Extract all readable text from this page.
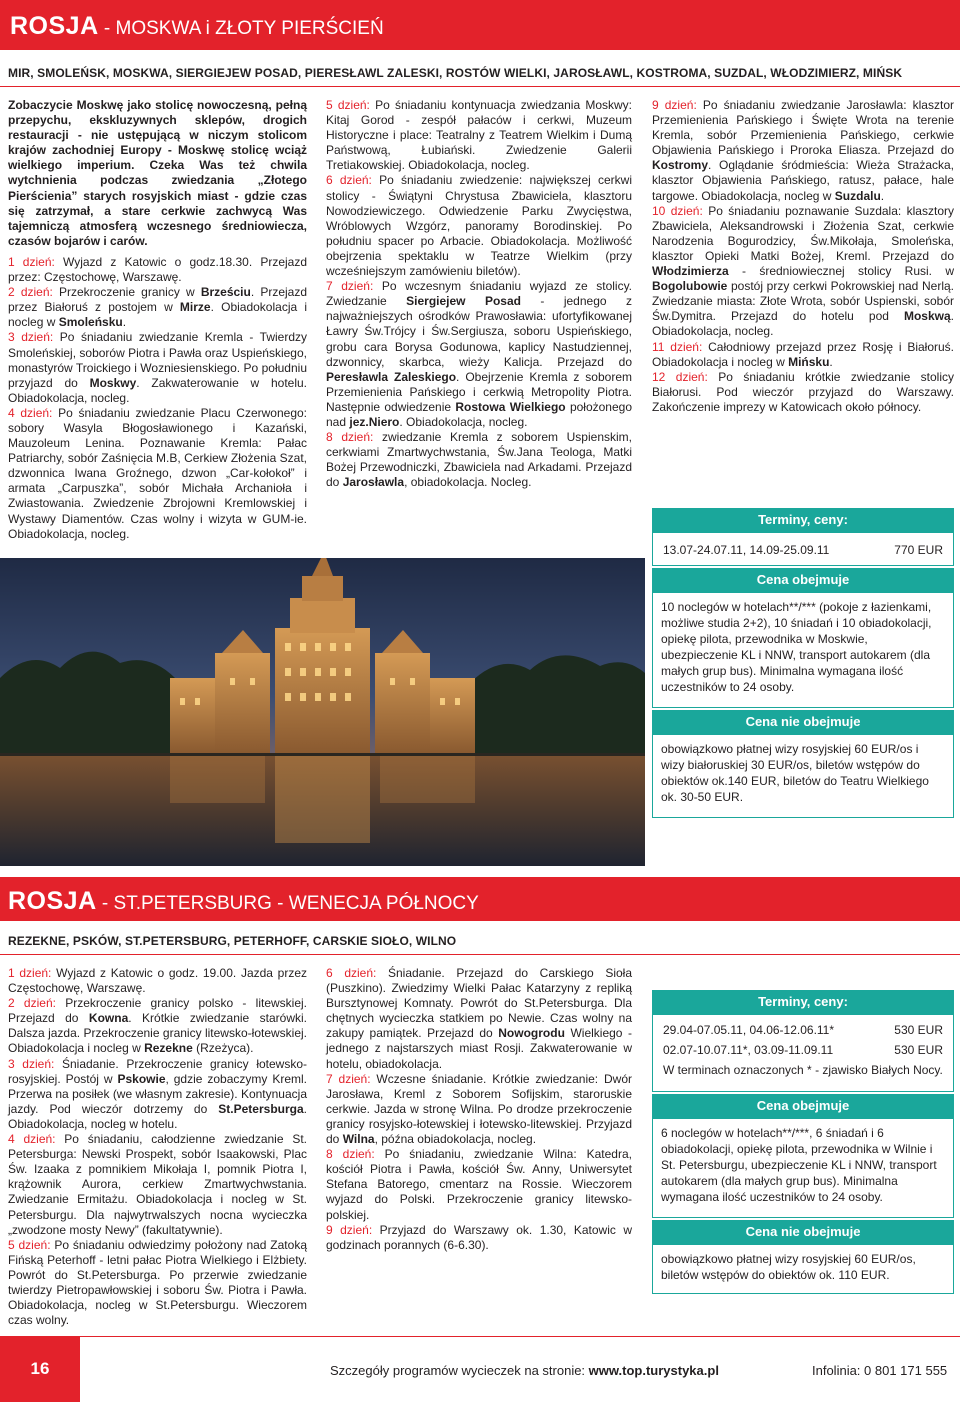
ROSJA - MOSKWA i ZŁOTY PIERŚCIEŃ
MIR, SMOLEŃSK, MOSKWA, SIERGIEJEW POSAD, PIERESŁAWL ZALESKI, ROSTÓW WIELKI, JAROSŁAWL, KOSTROMA, SUZDAL, WŁODZIMIERZ, MIŃSK

Zobaczycie Moskwę jako stolicę nowoczesną, pełną przepychu, ekskluzywnych sklepów, drogich restauracji - nie ustępującą w niczym stolicom krajów zachodniej Europy - Moskwę stolicę wciąż wielkiego imperium. Czeka Was też chwila wytchnienia podczas zwiedzania „Złotego Pierścienia” starych rosyjskich miast - gdzie czas się zatrzymał, a stare cerkwie zachwycą Was tajemniczą atmosferą wczesnego średniowiecza, czasów bojarów i carów.

1 dzień: Wyjazd z Katowic o godz.18.30. Przejazd przez: Częstochowę, Warszawę.

2 dzień: Przekroczenie granicy w Brześciu. Przejazd przez Białoruś z postojem w Mirze. Obiadokolacja i nocleg w Smoleńsku.

3 dzień: Po śniadaniu zwiedzanie Kremla - Twierdzy Smoleńskiej, soborów Piotra i Pawła oraz Uspieńskiego, monastyrów Troickiego i Wozniesienskiego. Po południu przyjazd do Moskwy. Zakwaterowanie w hotelu. Obiadokolacja, nocleg.

4 dzień: Po śniadaniu zwiedzanie Placu Czerwonego: sobory Wasyla Błogosławionego i Kazański, Mauzoleum Lenina. Poznawanie Kremla: Pałac Patriarchy, sobór Zaśnięcia M.B, Cerkiew Złożenia Szat, dzwonnica Iwana Groźnego, dzwon „Car-kołokoł” i armata „Carpuszka”, sobór Michała Archanioła i Zwiastowania. Zwiedzenie Zbrojowni Kremlowskiej i Wystawy Diamentów. Czas wolny i wizyta w GUM-ie. Obiadokolacja, nocleg.

5 dzień: Po śniadaniu kontynuacja zwiedzania Moskwy: Kitaj Gorod - zespół pałaców i cerkwi, Muzeum Historyczne i place: Teatralny z Teatrem Wielkim i Dumą Państwową, Łubiański. Zwiedzenie Galerii Tretiakowskiej. Obiadokolacja, nocleg.

6 dzień: Po śniadaniu zwiedzenie: największej cerkwi stolicy - Świątyni Chrystusa Zbawiciela, klasztoru Nowodziewiczego. Odwiedzenie Parku Zwycięstwa, Wróblowych Wzgórz, panoramy Borodinskiej. Po południu spacer po Arbacie. Obiadokolacja. Możliwość obejrzenia spektaklu w Teatrze Wielkim (przy wcześniejszym zamówieniu biletów).

7 dzień: Po wczesnym śniadaniu wyjazd ze stolicy. Zwiedzanie Siergiejew Posad - jednego z najważniejszych ośrodków Prawosławia: ufortyfikowanej Ławry Św.Trójcy i Św.Sergiusza, soboru Uspieńskiego, grobu cara Borysa Godunowa, kaplicy Nastudziennej, dzwonnicy, skarbca, wieży Kalicja. Przejazd do Peresławla Zaleskiego. Obejrzenie Kremla z soborem Przemienienia Pańskiego i cerkwią Metropolity Piotra. Następnie odwiedzenie Rostowa Wielkiego położonego nad jez.Niero. Obiadokolacja, nocleg.

8 dzień: zwiedzanie Kremla z soborem Uspienskim, cerkwiami Zmartwychwstania, Św.Jana Teologa, Matki Bożej Przewodniczki, Zbawiciela nad Arkadami. Przejazd do Jarosławla, obiadokolacja. Nocleg.

9 dzień: Po śniadaniu zwiedzanie Jarosławla: klasztor Przemienienia Pańskiego i Święte Wrota na terenie Kremla, sobór Przemienienia Pańskiego, cerkwie Objawienia Pańskiego i Proroka Eliasza. Przejazd do Kostromy. Oglądanie śródmieścia: Wieża Strażacka, klasztor Objawienia Pańskiego, ratusz, pałace, hale targowe. Obiadokolacja, nocleg w Suzdalu.

10 dzień: Po śniadaniu poznawanie Suzdala: klasztory Zbawiciela, Aleksandrowski i Złożenia Szat, cerkwie Narodzenia Bogurodzicy, Św.Mikołaja, Smoleńska, klasztor Opieki Matki Bożej, Kreml. Przejazd do Włodzimierza - średniowiecznej stolicy Rusi. w Bogolubowie postój przy cerkwi Pokrowskiej nad Nerlą. Zwiedzanie miasta: Złote Wrota, sobór Uspienski, sobór Św.Dymitra. Przejazd do hotelu pod Moskwą. Obiadokolacja, nocleg.

11 dzień: Całodniowy przejazd przez Rosję i Białoruś. Obiadokolacja i nocleg w Mińsku.

12 dzień: Po śniadaniu krótkie zwiedzanie stolicy Białorusi. Pod wieczór przyjazd do Warszawy. Zakończenie imprezy w Katowicach około północy.

Terminy, ceny:
13.07-24.07.11, 14.09-25.09.11	770 EUR
Cena obejmuje
10 noclegów w hotelach**/*** (pokoje z łazienkami, możliwe studia 2+2), 10 śniadań i 10 obiadokolacji, opiekę pilota, przewodnika w Moskwie, ubezpieczenie KL i NNW, transport autokarem (dla małych grup bus). Minimalna wymagana ilość uczestników to 24 osoby.
Cena nie obejmuje
obowiązkowo płatnej wizy rosyjskiej 60 EUR/os i wizy białoruskiej 30 EUR/os, biletów wstępów do obiektów ok.140 EUR, biletów do Teatru Wielkiego ok. 30-50 EUR.
ROSJA - ST.PETERSBURG - WENECJA PÓŁNOCY
REZEKNE, PSKÓW, ST.PETERSBURG, PETERHOFF, CARSKIE SIOŁO, WILNO

1 dzień: Wyjazd z Katowic o godz. 19.00. Jazda przez Częstochowę, Warszawę.

2 dzień: Przekroczenie granicy polsko - litewskiej. Przejazd do Kowna. Krótkie zwiedzanie starówki. Dalsza jazda. Przekroczenie granicy litewsko-łotewskiej. Obiadokolacja i nocleg w Rezekne (Rzeżyca).

3 dzień: Śniadanie. Przekroczenie granicy łotewsko-rosyjskiej. Postój w Pskowie, gdzie zobaczymy Kreml. Przerwa na posiłek (we własnym zakresie). Kontynuacja jazdy. Pod wieczór dotrzemy do St.Petersburga. Obiadokolacja, nocleg w hotelu.

4 dzień: Po śniadaniu, całodzienne zwiedzanie St. Petersburga: Newski Prospekt, sobór Isaakowski, Plac Św. Izaaka z pomnikiem Mikołaja I, pomnik Piotra I, krążownik Aurora, cerkiew Zmartwychwstania. Zwiedzanie Ermitażu. Obiadokolacja i nocleg w St. Petersburgu. Dla najwytrwalszych nocna wycieczka „zwodzone mosty Newy” (fakultatywnie).

5 dzień: Po śniadaniu odwiedzimy położony nad Zatoką Fińską Peterhoff - letni pałac Piotra Wielkiego i Elżbiety. Powrót do St.Petersburga. Po przerwie zwiedzanie twierdzy Pietropawłowskiej i soboru Św. Piotra i Pawła. Obiadokolacja, nocleg w St.Petersburgu. Wieczorem czas wolny.

6 dzień: Śniadanie. Przejazd do Carskiego Sioła (Puszkino). Zwiedzimy Wielki Pałac Katarzyny z repliką Bursztynowej Komnaty. Powrót do St.Petersburga. Dla chętnych wycieczka statkiem po Newie. Czas wolny na zakupy pamiątek. Przejazd do Nowogrodu Wielkiego - jednego z najstarszych miast Rosji. Zakwaterowanie w hotelu, obiadokolacja.

7 dzień: Wczesne śniadanie. Krótkie zwiedzanie: Dwór Jarosława, Kreml z Soborem Sofijskim, staroruskie cerkwie. Jazda w stronę Wilna. Po drodze przekroczenie granicy rosyjsko-łotewskiej i łotewsko-litewskiej. Przyjazd do Wilna, późna obiadokolacja, nocleg.

8 dzień: Po śniadaniu, zwiedzanie Wilna: Katedra, kościół Piotra i Pawła, kościół Św. Anny, Uniwersytet Stefana Batorego, cmentarz na Rossie. Wieczorem wyjazd do Polski. Przekroczenie granicy litewsko-polskiej.

9 dzień: Przyjazd do Warszawy ok. 1.30, Katowic w godzinach porannych (6-6.30).

Terminy, ceny:
29.04-07.05.11, 04.06-12.06.11*	530 EUR
02.07-10.07.11*, 03.09-11.09.11	530 EUR
W terminach oznaczonych * - zjawisko Białych Nocy.
Cena obejmuje
6 noclegów w hotelach**/***, 6 śniadań i 6 obiadokolacji, opiekę pilota, przewodnika w Wilnie i St. Petersburgu, ubezpieczenie KL i NNW, transport autokarem (dla małych grup bus). Minimalna wymagana ilość uczestników to 24 osoby.
Cena nie obejmuje
obowiązkowo płatnej wizy rosyjskiej 60 EUR/os, biletów wstępów do obiektów ok. 110 EUR.
16	Szczegóły programów wycieczek na stronie: www.top.turystyka.pl	Infolinia: 0 801 171 555
